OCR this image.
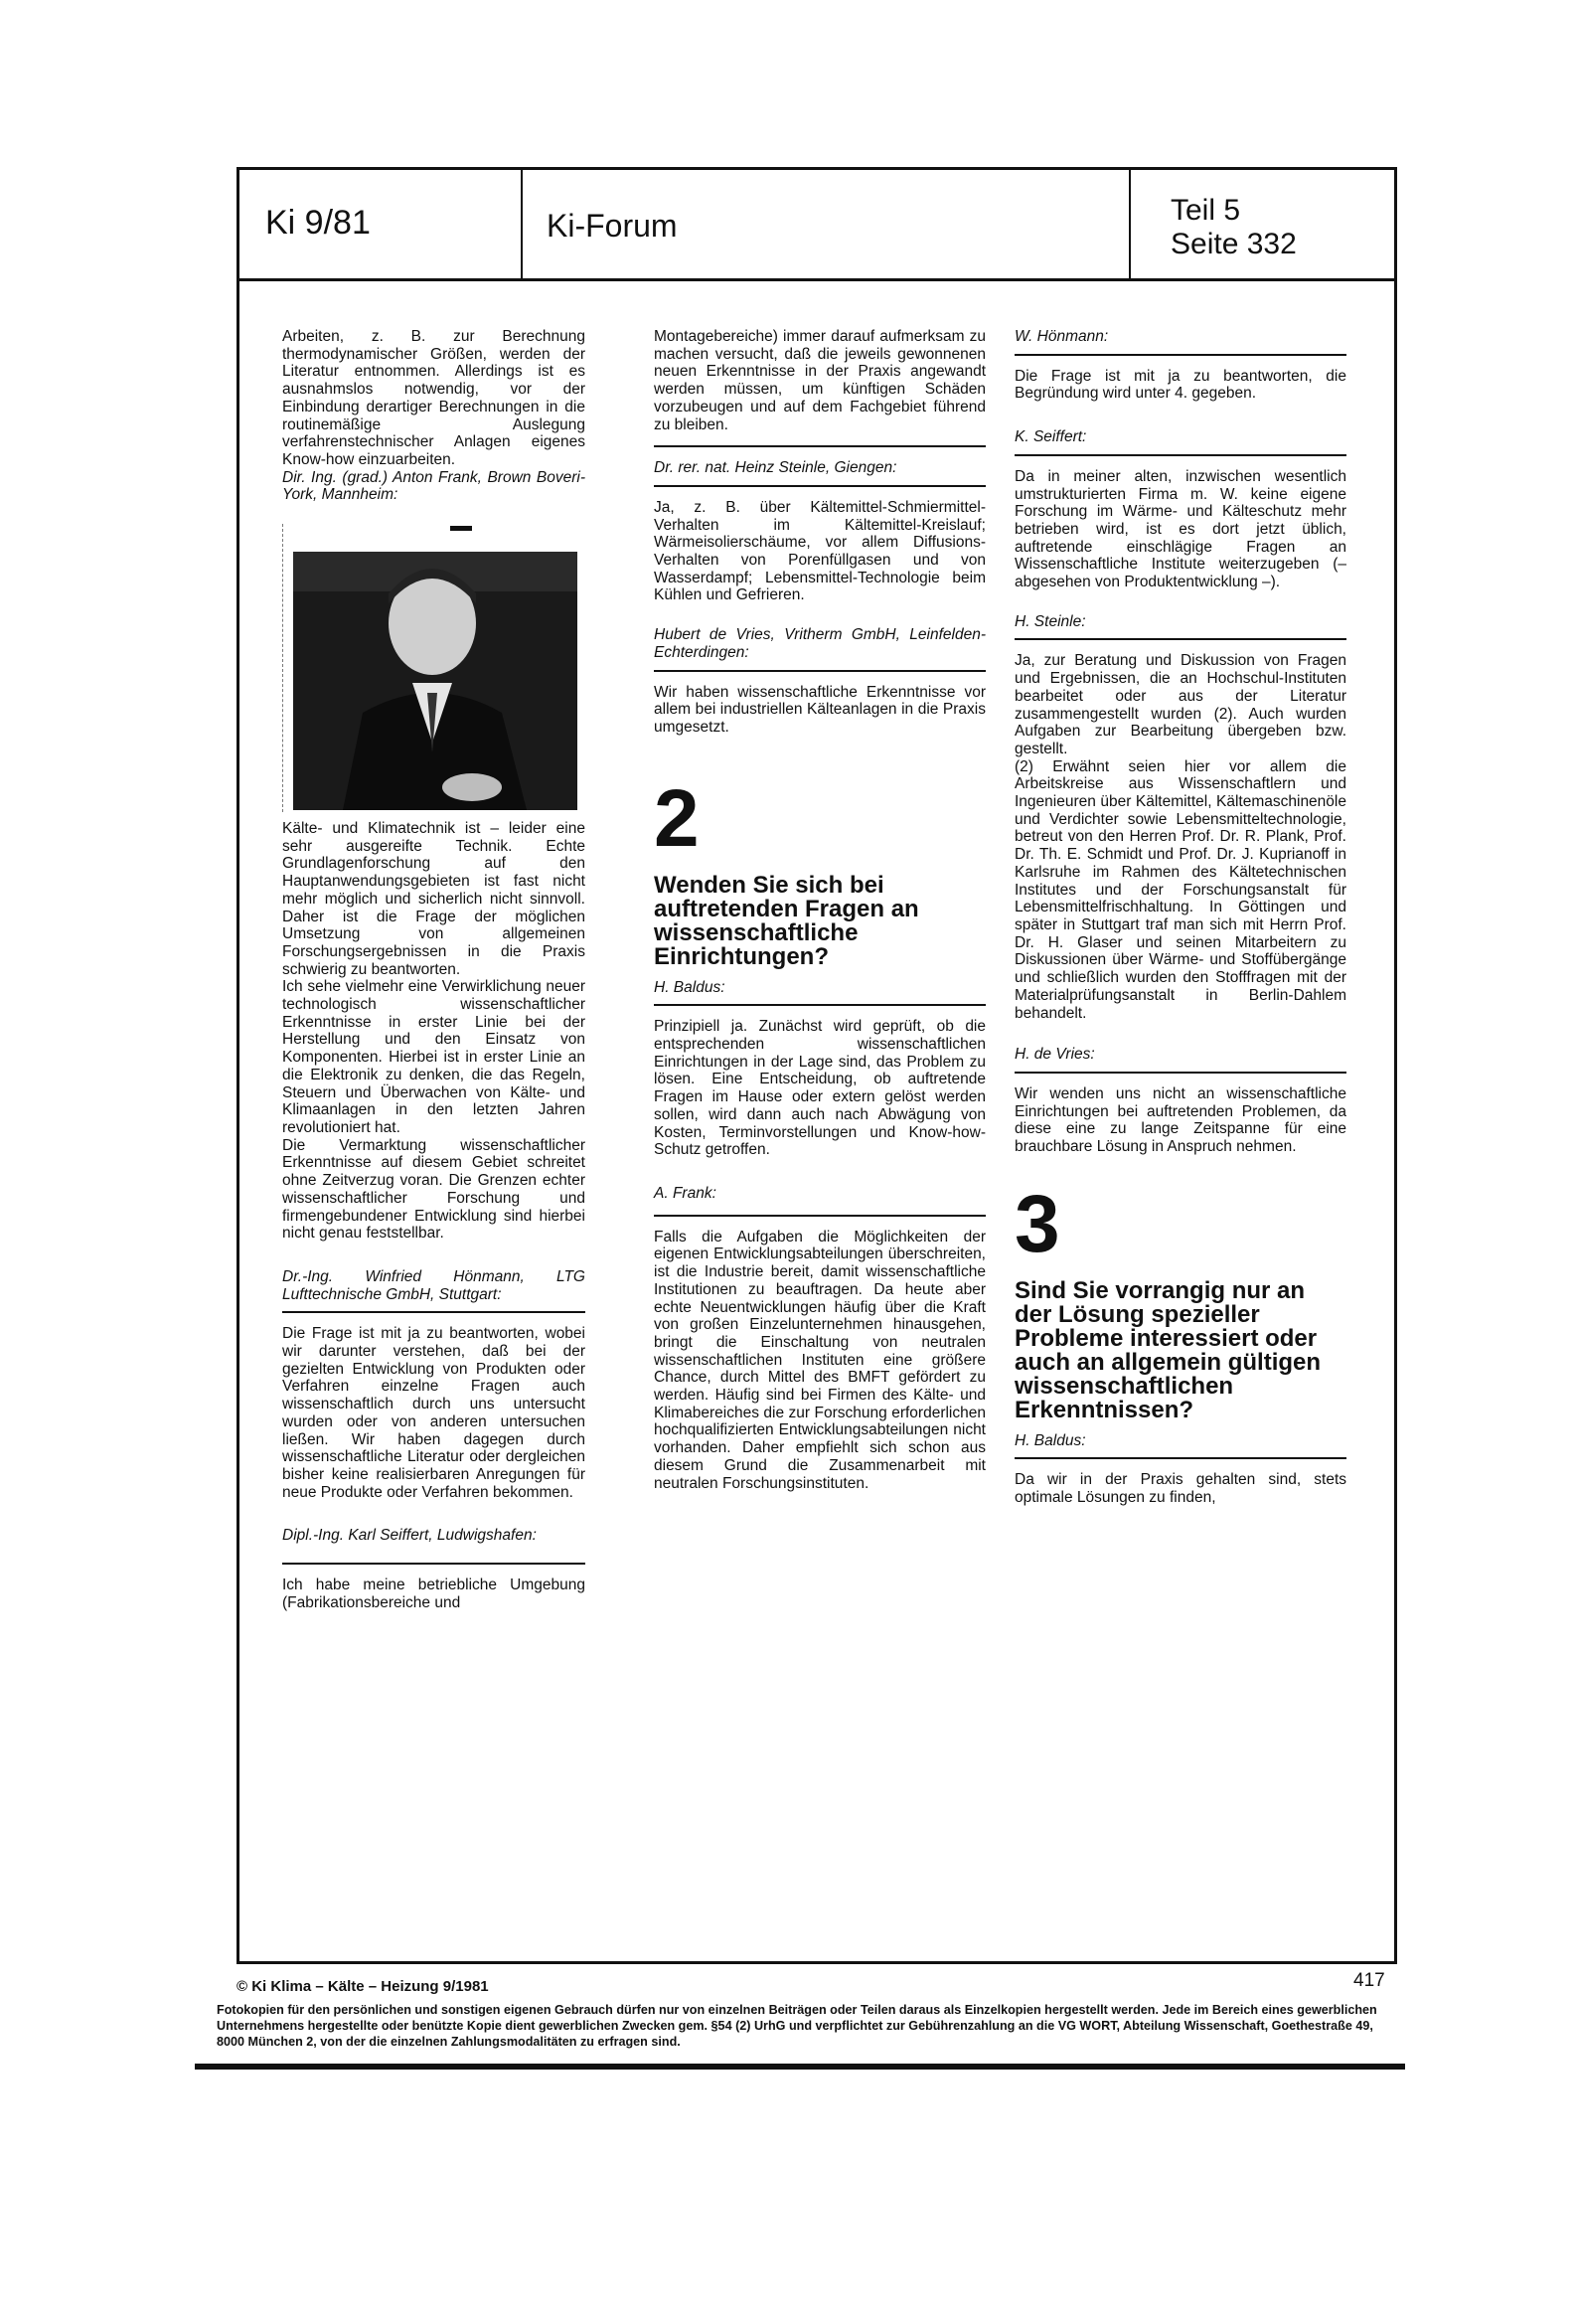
Ki 9/81	Ki-Forum	Teil 5
Seite 332

Arbeiten, z. B. zur Berechnung thermodynamischer Größen, werden der Literatur entnommen. Allerdings ist es ausnahmslos notwendig, vor der Einbindung derartiger Berechnungen in die routinemäßige Auslegung verfahrenstechnischer Anlagen eigenes Know-how einzuarbeiten.

Dir. Ing. (grad.) Anton Frank, Brown Boveri-York, Mannheim:

Kälte- und Klimatechnik ist – leider eine sehr ausgereifte Technik. Echte Grundlagenforschung auf den Hauptanwendungsgebieten ist fast nicht mehr möglich und sicherlich nicht sinnvoll. Daher ist die Frage der möglichen Umsetzung von allgemeinen Forschungsergebnissen in die Praxis schwierig zu beantworten.

Ich sehe vielmehr eine Verwirklichung neuer technologisch wissenschaftlicher Erkenntnisse in erster Linie bei der Herstellung und den Einsatz von Komponenten. Hierbei ist in erster Linie an die Elektronik zu denken, die das Regeln, Steuern und Überwachen von Kälte- und Klimaanlagen in den letzten Jahren revolutioniert hat.

Die Vermarktung wissenschaftlicher Erkenntnisse auf diesem Gebiet schreitet ohne Zeitverzug voran. Die Grenzen echter wissenschaftlicher Forschung und firmengebundener Entwicklung sind hierbei nicht genau feststellbar.

Dr.-Ing. Winfried Hönmann, LTG Lufttechnische GmbH, Stuttgart:

Die Frage ist mit ja zu beantworten, wobei wir darunter verstehen, daß bei der gezielten Entwicklung von Produkten oder Verfahren einzelne Fragen auch wissenschaftlich durch uns untersucht wurden oder von anderen untersuchen ließen. Wir haben dagegen durch wissenschaftliche Literatur oder dergleichen bisher keine realisierbaren Anregungen für neue Produkte oder Verfahren bekommen.

Dipl.-Ing. Karl Seiffert, Ludwigshafen:

Ich habe meine betriebliche Umgebung (Fabrikationsbereiche und

Montagebereiche) immer darauf aufmerksam zu machen versucht, daß die jeweils gewonnenen neuen Erkenntnisse in der Praxis angewandt werden müssen, um künftigen Schäden vorzubeugen und auf dem Fachgebiet führend zu bleiben.

Dr. rer. nat. Heinz Steinle, Giengen:

Ja, z. B. über Kältemittel-Schmiermittel-Verhalten im Kältemittel-Kreislauf; Wärmeisolierschäume, vor allem Diffusions-Verhalten von Porenfüllgasen und von Wasserdampf; Lebensmittel-Technologie beim Kühlen und Gefrieren.

Hubert de Vries, Vritherm GmbH, Leinfelden-Echterdingen:

Wir haben wissenschaftliche Erkenntnisse vor allem bei industriellen Kälteanlagen in die Praxis umgesetzt.

2
Wenden Sie sich bei auftretenden Fragen an wissenschaftliche Einrichtungen?

H. Baldus:

Prinzipiell ja. Zunächst wird geprüft, ob die entsprechenden wissenschaftlichen Einrichtungen in der Lage sind, das Problem zu lösen. Eine Entscheidung, ob auftretende Fragen im Hause oder extern gelöst werden sollen, wird dann auch nach Abwägung von Kosten, Terminvorstellungen und Know-how-Schutz getroffen.

A. Frank:

Falls die Aufgaben die Möglichkeiten der eigenen Entwicklungsabteilungen überschreiten, ist die Industrie bereit, damit wissenschaftliche Institutionen zu beauftragen. Da heute aber echte Neuentwicklungen häufig über die Kraft von großen Einzelunternehmen hinausgehen, bringt die Einschaltung von neutralen wissenschaftlichen Instituten eine größere Chance, durch Mittel des BMFT gefördert zu werden. Häufig sind bei Firmen des Kälte- und Klimabereiches die zur Forschung erforderlichen hochqualifizierten Entwicklungsabteilungen nicht vorhanden. Daher empfiehlt sich schon aus diesem Grund die Zusammenarbeit mit neutralen Forschungsinstituten.

W. Hönmann:

Die Frage ist mit ja zu beantworten, die Begründung wird unter 4. gegeben.

K. Seiffert:

Da in meiner alten, inzwischen wesentlich umstrukturierten Firma m. W. keine eigene Forschung im Wärme- und Kälteschutz mehr betrieben wird, ist es dort jetzt üblich, auftretende einschlägige Fragen an Wissenschaftliche Institute weiterzugeben (– abgesehen von Produktentwicklung –).

H. Steinle:

Ja, zur Beratung und Diskussion von Fragen und Ergebnissen, die an Hochschul-Instituten bearbeitet oder aus der Literatur zusammengestellt wurden (2). Auch wurden Aufgaben zur Bearbeitung übergeben bzw. gestellt.

(2) Erwähnt seien hier vor allem die Arbeitskreise aus Wissenschaftlern und Ingenieuren über Kältemittel, Kältemaschinenöle und Verdichter sowie Lebensmitteltechnologie, betreut von den Herren Prof. Dr. R. Plank, Prof. Dr. Th. E. Schmidt und Prof. Dr. J. Kuprianoff in Karlsruhe im Rahmen des Kältetechnischen Institutes und der Forschungsanstalt für Lebensmittelfrischhaltung. In Göttingen und später in Stuttgart traf man sich mit Herrn Prof. Dr. H. Glaser und seinen Mitarbeitern zu Diskussionen über Wärme- und Stoffübergänge und schließlich wurden den Stofffragen mit der Materialprüfungsanstalt in Berlin-Dahlem behandelt.

H. de Vries:

Wir wenden uns nicht an wissenschaftliche Einrichtungen bei auftretenden Problemen, da diese eine zu lange Zeitspanne für eine brauchbare Lösung in Anspruch nehmen.

3
Sind Sie vorrangig nur an der Lösung spezieller Probleme interessiert oder auch an allgemein gültigen wissenschaftlichen Erkenntnissen?

H. Baldus:

Da wir in der Praxis gehalten sind, stets optimale Lösungen zu finden,

© Ki Klima – Kälte – Heizung 9/1981	417
Fotokopien für den persönlichen und sonstigen eigenen Gebrauch dürfen nur von einzelnen Beiträgen oder Teilen daraus als Einzelkopien hergestellt werden. Jede im Bereich eines gewerblichen Unternehmens hergestellte oder benützte Kopie dient gewerblichen Zwecken gem. §54 (2) UrhG und verpflichtet zur Gebührenzahlung an die VG WORT, Abteilung Wissenschaft, Goethestraße 49, 8000 München 2, von der die einzelnen Zahlungsmodalitäten zu erfragen sind.
